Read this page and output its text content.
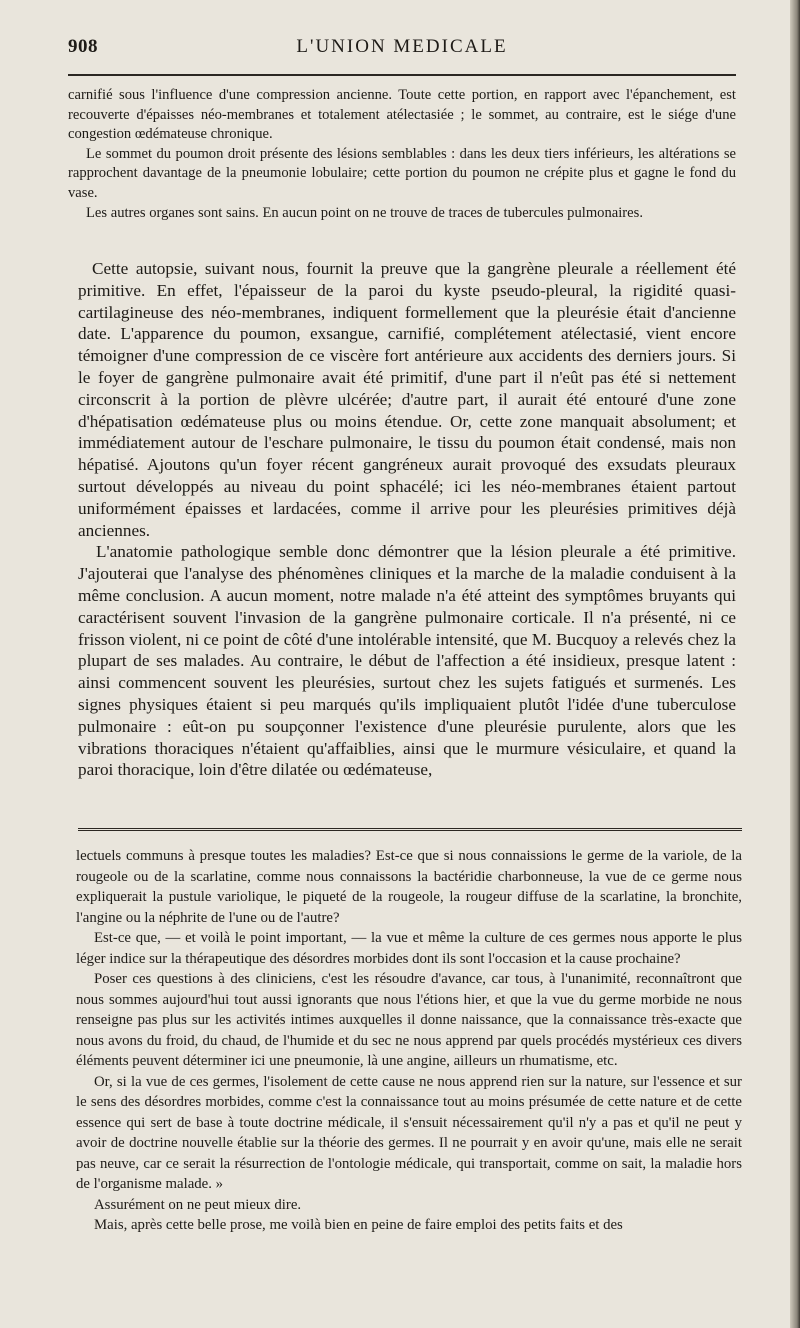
908	L'UNION MEDICALE

carnifié sous l'influence d'une compression ancienne. Toute cette portion, en rapport avec l'épanchement, est recouverte d'épaisses néo-membranes et totalement atélectasiée ; le sommet, au contraire, est le siége d'une congestion œdémateuse chronique.

Le sommet du poumon droit présente des lésions semblables : dans les deux tiers inférieurs, les altérations se rapprochent davantage de la pneumonie lobulaire; cette portion du poumon ne crépite plus et gagne le fond du vase.

Les autres organes sont sains. En aucun point on ne trouve de traces de tubercules pulmonaires.

Cette autopsie, suivant nous, fournit la preuve que la gangrène pleurale a réellement été primitive. En effet, l'épaisseur de la paroi du kyste pseudo-pleural, la rigidité quasi-cartilagineuse des néo-membranes, indiquent formellement que la pleurésie était d'ancienne date. L'apparence du poumon, exsangue, carnifié, complétement atélectasié, vient encore témoigner d'une compression de ce viscère fort antérieure aux accidents des derniers jours. Si le foyer de gangrène pulmonaire avait été primitif, d'une part il n'eût pas été si nettement circonscrit à la portion de plèvre ulcérée; d'autre part, il aurait été entouré d'une zone d'hépatisation œdémateuse plus ou moins étendue. Or, cette zone manquait absolument; et immédiatement autour de l'eschare pulmonaire, le tissu du poumon était condensé, mais non hépatisé. Ajoutons qu'un foyer récent gangréneux aurait provoqué des exsudats pleuraux surtout développés au niveau du point sphacélé; ici les néo-membranes étaient partout uniformément épaisses et lardacées, comme il arrive pour les pleurésies primitives déjà anciennes.

L'anatomie pathologique semble donc démontrer que la lésion pleurale a été primitive. J'ajouterai que l'analyse des phénomènes cliniques et la marche de la maladie conduisent à la même conclusion. A aucun moment, notre malade n'a été atteint des symptômes bruyants qui caractérisent souvent l'invasion de la gangrène pulmonaire corticale. Il n'a présenté, ni ce frisson violent, ni ce point de côté d'une intolérable intensité, que M. Bucquoy a relevés chez la plupart de ses malades. Au contraire, le début de l'affection a été insidieux, presque latent : ainsi commencent souvent les pleurésies, surtout chez les sujets fatigués et surmenés. Les signes physiques étaient si peu marqués qu'ils impliquaient plutôt l'idée d'une tuberculose pulmonaire : eût-on pu soupçonner l'existence d'une pleurésie purulente, alors que les vibrations thoraciques n'étaient qu'affaiblies, ainsi que le murmure vésiculaire, et quand la paroi thoracique, loin d'être dilatée ou œdémateuse,

lectuels communs à presque toutes les maladies? Est-ce que si nous connaissions le germe de la variole, de la rougeole ou de la scarlatine, comme nous connaissons la bactéridie charbonneuse, la vue de ce germe nous expliquerait la pustule variolique, le piqueté de la rougeole, la rougeur diffuse de la scarlatine, la bronchite, l'angine ou la néphrite de l'une ou de l'autre?

Est-ce que, — et voilà le point important, — la vue et même la culture de ces germes nous apporte le plus léger indice sur la thérapeutique des désordres morbides dont ils sont l'occasion et la cause prochaine?

Poser ces questions à des cliniciens, c'est les résoudre d'avance, car tous, à l'unanimité, reconnaîtront que nous sommes aujourd'hui tout aussi ignorants que nous l'étions hier, et que la vue du germe morbide ne nous renseigne pas plus sur les activités intimes auxquelles il donne naissance, que la connaissance très-exacte que nous avons du froid, du chaud, de l'humide et du sec ne nous apprend par quels procédés mystérieux ces divers éléments peuvent déterminer ici une pneumonie, là une angine, ailleurs un rhumatisme, etc.

Or, si la vue de ces germes, l'isolement de cette cause ne nous apprend rien sur la nature, sur l'essence et sur le sens des désordres morbides, comme c'est la connaissance tout au moins présumée de cette nature et de cette essence qui sert de base à toute doctrine médicale, il s'ensuit nécessairement qu'il n'y a pas et qu'il ne peut y avoir de doctrine nouvelle établie sur la théorie des germes. Il ne pourrait y en avoir qu'une, mais elle ne serait pas neuve, car ce serait la résurrection de l'ontologie médicale, qui transportait, comme on sait, la maladie hors de l'organisme malade. »

Assurément on ne peut mieux dire.

Mais, après cette belle prose, me voilà bien en peine de faire emploi des petits faits et des
